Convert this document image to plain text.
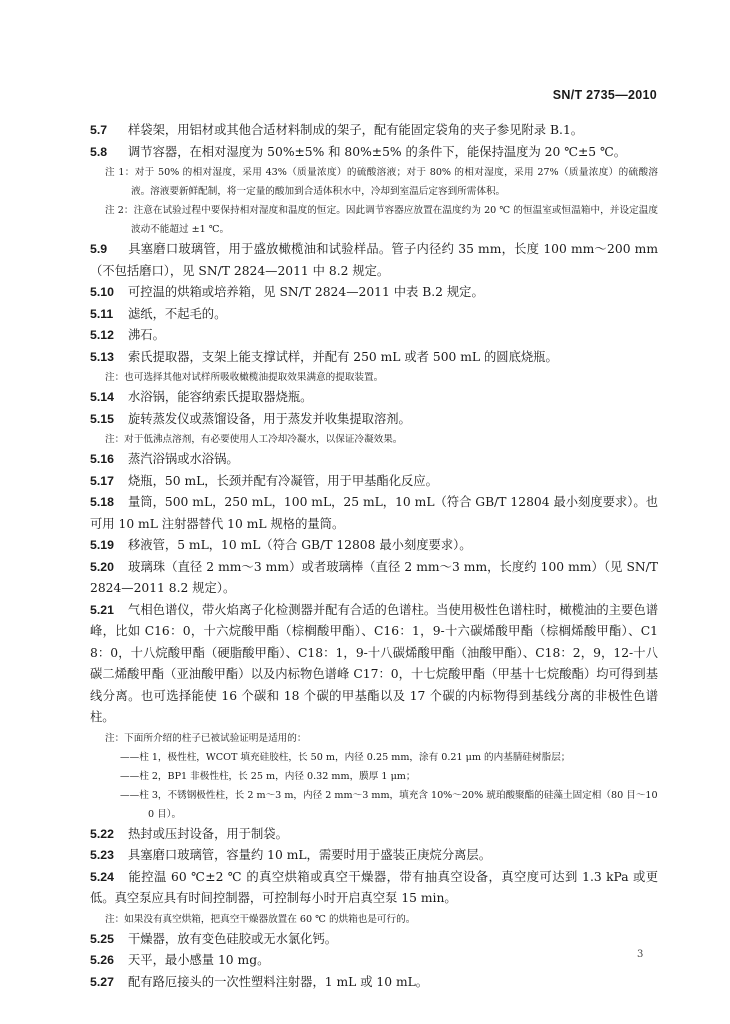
SN/T 2735—2010

5.7 样袋架，用铝材或其他合适材料制成的架子，配有能固定袋角的夹子参见附录 B.1。

5.8 调节容器，在相对湿度为 50%±5% 和 80%±5% 的条件下，能保持温度为 20 ℃±5 ℃。

注 1：对于 50% 的相对湿度，采用 43%（质量浓度）的硫酸溶液；对于 80% 的相对湿度，采用 27%（质量浓度）的硫酸溶液。溶液要新鲜配制，将一定量的酸加到合适体积水中，冷却到室温后定容到所需体积。

注 2：注意在试验过程中要保持相对湿度和温度的恒定。因此调节容器应放置在温度约为 20 ℃ 的恒温室或恒温箱中，并设定温度波动不能超过 ±1 ℃。

5.9 具塞磨口玻璃管，用于盛放橄榄油和试验样品。管子内径约 35 mm，长度 100 mm～200 mm（不包括磨口），见 SN/T 2824—2011 中 8.2 规定。

5.10 可控温的烘箱或培养箱，见 SN/T 2824—2011 中表 B.2 规定。

5.11 滤纸，不起毛的。

5.12 沸石。

5.13 索氏提取器，支架上能支撑试样，并配有 250 mL 或者 500 mL 的圆底烧瓶。

注：也可选择其他对试样所吸收橄榄油提取效果满意的提取装置。

5.14 水浴锅，能容纳索氏提取器烧瓶。

5.15 旋转蒸发仪或蒸馏设备，用于蒸发并收集提取溶剂。

注：对于低沸点溶剂，有必要使用人工冷却冷凝水，以保证冷凝效果。

5.16 蒸汽浴锅或水浴锅。

5.17 烧瓶，50 mL，长颈并配有冷凝管，用于甲基酯化反应。

5.18 量筒，500 mL，250 mL，100 mL，25 mL，10 mL（符合 GB/T 12804 最小刻度要求）。也可用 10 mL 注射器替代 10 mL 规格的量筒。

5.19 移液管，5 mL，10 mL（符合 GB/T 12808 最小刻度要求）。

5.20 玻璃珠（直径 2 mm～3 mm）或者玻璃棒（直径 2 mm～3 mm，长度约 100 mm）（见 SN/T 2824—2011 8.2 规定）。

5.21 气相色谱仪，带火焰离子化检测器并配有合适的色谱柱。当使用极性色谱柱时，橄榄油的主要色谱峰，比如 C16：0，十六烷酸甲酯（棕榈酸甲酯）、C16：1，9-十六碳烯酸甲酯（棕榈烯酸甲酯）、C18：0，十八烷酸甲酯（硬脂酸甲酯）、C18：1，9-十八碳烯酸甲酯（油酸甲酯）、C18：2，9，12-十八碳二烯酸甲酯（亚油酸甲酯）以及内标物色谱峰 C17：0，十七烷酸甲酯（甲基十七烷酸酯）均可得到基线分离。也可选择能使 16 个碳和 18 个碳的甲基酯以及 17 个碳的内标物得到基线分离的非极性色谱柱。

注：下面所介绍的柱子已被试验证明是适用的：

——柱 1，极性柱，WCOT 填充硅胶柱，长 50 m，内径 0.25 mm，涂有 0.21 μm 的内基腈硅树脂层；

——柱 2，BP1 非极性柱，长 25 m，内径 0.32 mm，膜厚 1 μm；

——柱 3，不锈钢极性柱，长 2 m～3 m，内径 2 mm～3 mm，填充含 10%～20% 琥珀酸聚酯的硅藻土固定相（80 目～100 目）。

5.22 热封或压封设备，用于制袋。

5.23 具塞磨口玻璃管，容量约 10 mL，需要时用于盛装正庚烷分离层。

5.24 能控温 60 ℃±2 ℃ 的真空烘箱或真空干燥器，带有抽真空设备，真空度可达到 1.3 kPa 或更低。真空泵应具有时间控制器，可控制每小时开启真空泵 15 min。

注：如果没有真空烘箱，把真空干燥器放置在 60 ℃ 的烘箱也是可行的。

5.25 干燥器，放有变色硅胶或无水氯化钙。

5.26 天平，最小感量 10 mg。

5.27 配有路厄接头的一次性塑料注射器，1 mL 或 10 mL。

3
